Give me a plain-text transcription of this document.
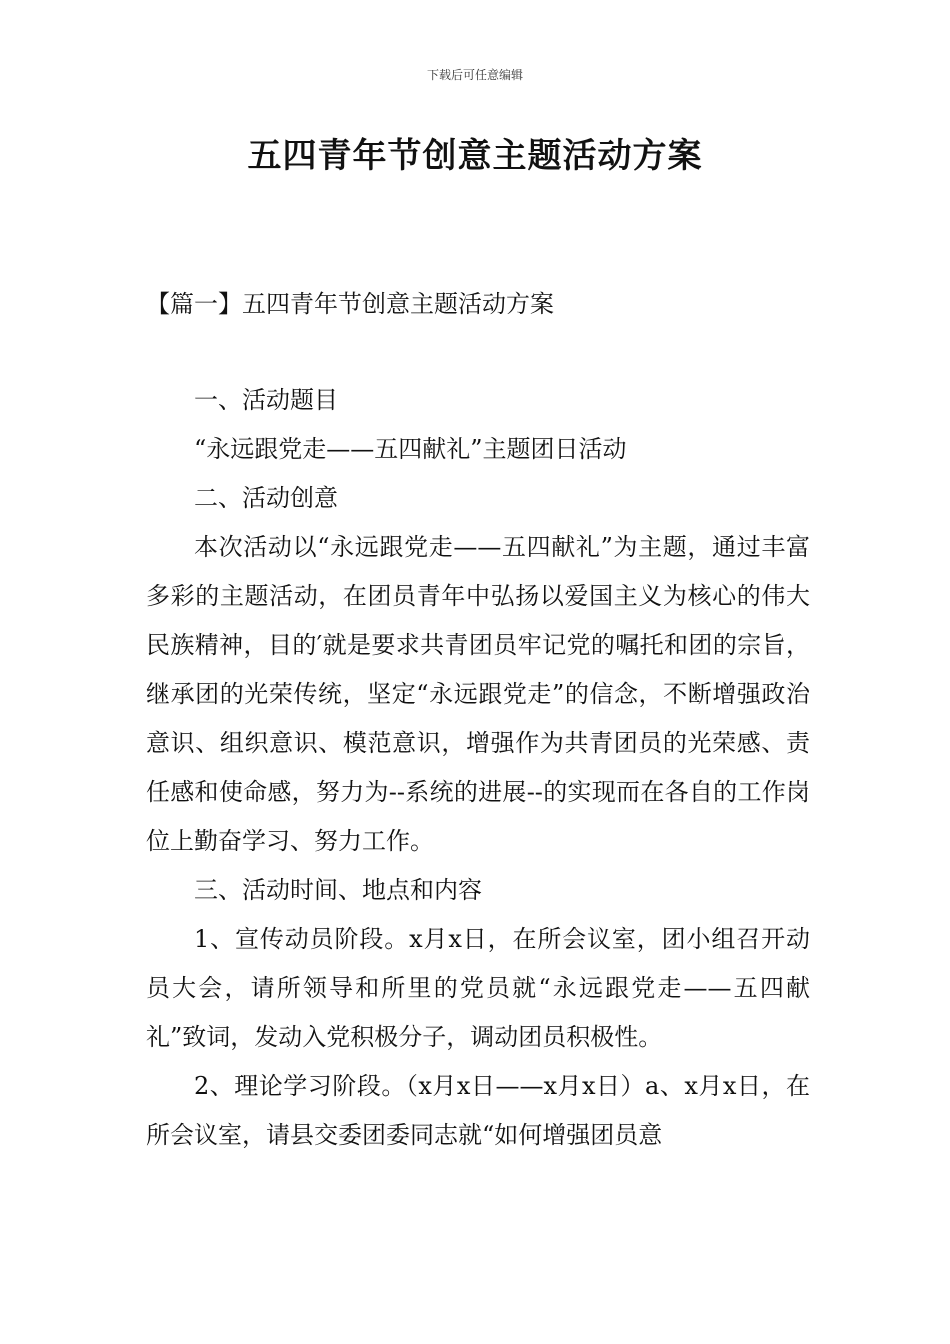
下载后可任意编辑
五四青年节创意主题活动方案
【篇一】五四青年节创意主题活动方案

一、活动题目

“永远跟党走——五四献礼”主题团日活动

二、活动创意

本次活动以“永远跟党走——五四献礼”为主题，通过丰富多彩的主题活动，在团员青年中弘扬以爱国主义为核心的伟大民族精神，目的′就是要求共青团员牢记党的嘱托和团的宗旨，继承团的光荣传统，坚定“永远跟党走”的信念，不断增强政治意识、组织意识、模范意识，增强作为共青团员的光荣感、责任感和使命感，努力为--系统的进展--的实现而在各自的工作岗位上勤奋学习、努力工作。

三、活动时间、地点和内容

1、宣传动员阶段。x月x日，在所会议室，团小组召开动员大会，请所领导和所里的党员就“永远跟党走——五四献礼”致词，发动入党积极分子，调动团员积极性。

2、理论学习阶段。（x月x日——x月x日）a、x月x日，在所会议室，请县交委团委同志就“如何增强团员意
